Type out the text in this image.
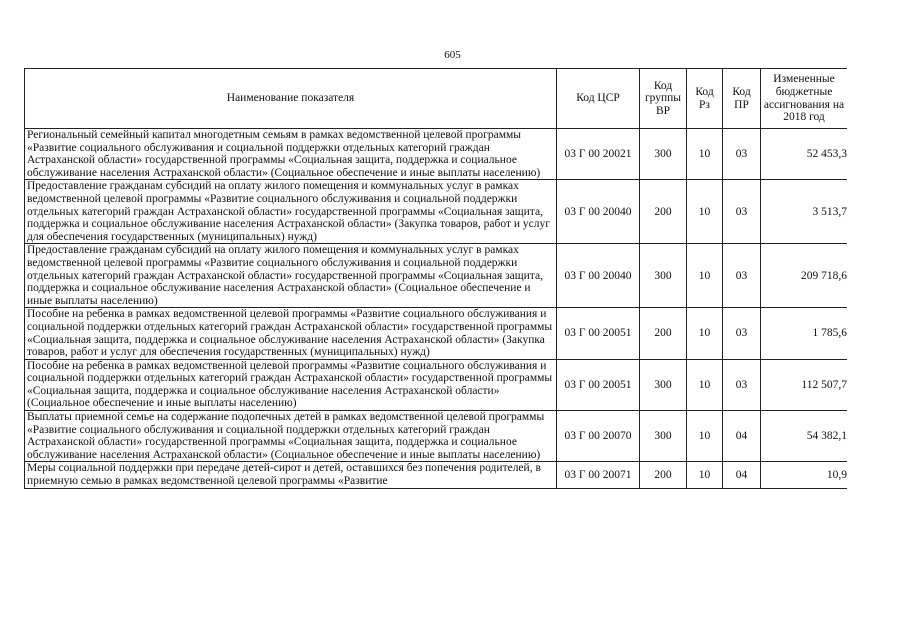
605
Наименование показателя	Код ЦСР	Код группы ВР	Код Рз	Код ПР	Измененные бюджетные ассигнования на 2018 год
Региональный семейный капитал многодетным семьям в рамках ведомственной целевой программы «Развитие социального обслуживания и социальной поддержки отдельных категорий граждан Астраханской области» государственной программы «Социальная защита, поддержка и социальное обслуживание населения Астраханской области» (Социальное обеспечение и иные выплаты населению)	03 Г 00 20021	300	10	03	52 453,3
Предоставление гражданам субсидий на оплату жилого помещения и коммунальных услуг в рамках ведомственной целевой программы «Развитие социального обслуживания и социальной поддержки отдельных категорий граждан Астраханской области» государственной программы «Социальная защита, поддержка и социальное обслуживание населения Астраханской области» (Закупка товаров, работ и услуг для обеспечения государственных (муниципальных) нужд)	03 Г 00 20040	200	10	03	3 513,7
Предоставление гражданам субсидий на оплату жилого помещения и коммунальных услуг в рамках ведомственной целевой программы «Развитие социального обслуживания и социальной поддержки отдельных категорий граждан Астраханской области» государственной программы «Социальная защита, поддержка и социальное обслуживание населения Астраханской области» (Социальное обеспечение и иные выплаты населению)	03 Г 00 20040	300	10	03	209 718,6
Пособие на ребенка в рамках ведомственной целевой программы «Развитие социального обслуживания и социальной поддержки отдельных категорий граждан Астраханской области» государственной программы «Социальная защита, поддержка и социальное обслуживание населения Астраханской области» (Закупка товаров, работ и услуг для обеспечения государственных (муниципальных) нужд)	03 Г 00 20051	200	10	03	1 785,6
Пособие на ребенка в рамках ведомственной целевой программы «Развитие социального обслуживания и социальной поддержки отдельных категорий граждан Астраханской области» государственной программы «Социальная защита, поддержка и социальное обслуживание населения Астраханской области» (Социальное обеспечение и иные выплаты населению)	03 Г 00 20051	300	10	03	112 507,7
Выплаты приемной семье на содержание подопечных детей в рамках ведомственной целевой программы «Развитие социального обслуживания и социальной поддержки отдельных категорий граждан Астраханской области» государственной программы «Социальная защита, поддержка и социальное обслуживание населения Астраханской области» (Социальное обеспечение и иные выплаты населению)	03 Г 00 20070	300	10	04	54 382,1
Меры социальной поддержки при передаче детей-сирот и детей, оставшихся без попечения родителей, в приемную семью в рамках ведомственной целевой программы «Развитие	03 Г 00 20071	200	10	04	10,9
